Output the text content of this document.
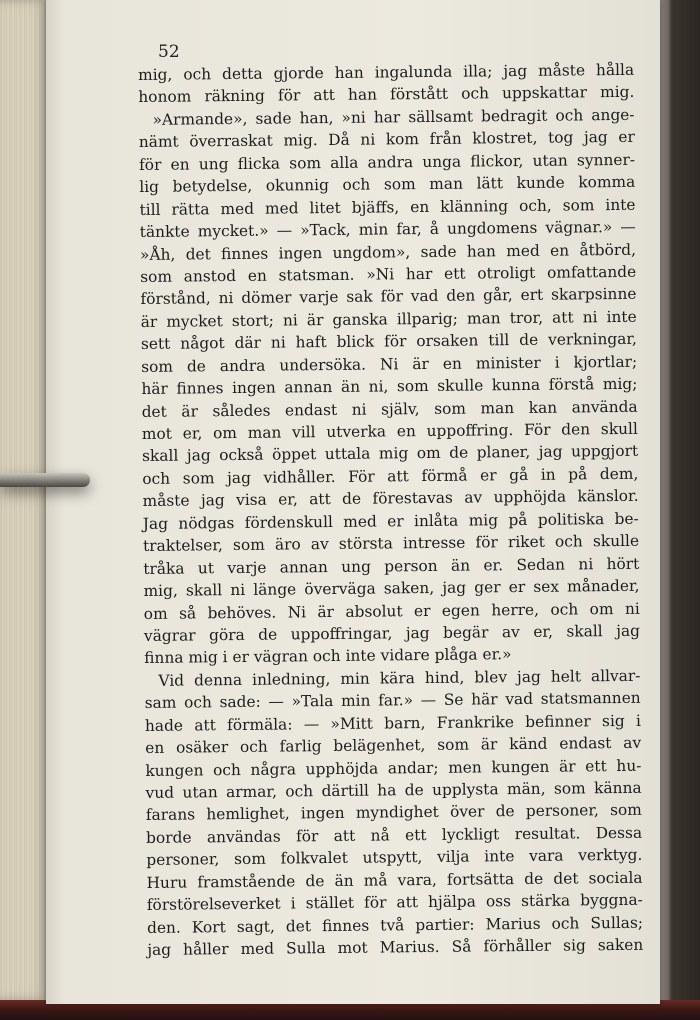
52
mig, och detta gjorde han ingalunda illa; jag måste hålla
honom räkning för att han förstått och uppskattar mig.
»Armande», sade han, »ni har sällsamt bedragit och ange-
nämt överraskat mig. Då ni kom från klostret, tog jag er
för en ung flicka som alla andra unga flickor, utan synner-
lig betydelse, okunnig och som man lätt kunde komma
till rätta med med litet bjäffs, en klänning och, som inte
tänkte mycket.» — »Tack, min far, å ungdomens vägnar.» —
»Åh, det finnes ingen ungdom», sade han med en åtbörd,
som anstod en statsman. »Ni har ett otroligt omfattande
förstånd, ni dömer varje sak för vad den går, ert skarpsinne
är mycket stort; ni är ganska illparig; man tror, att ni inte
sett något där ni haft blick för orsaken till de verkningar,
som de andra undersöka. Ni är en minister i kjortlar;
här finnes ingen annan än ni, som skulle kunna förstå mig;
det är således endast ni själv, som man kan använda
mot er, om man vill utverka en uppoffring. För den skull
skall jag också öppet uttala mig om de planer, jag uppgjort
och som jag vidhåller. För att förmå er gå in på dem,
måste jag visa er, att de förestavas av upphöjda känslor.
Jag nödgas fördenskull med er inlåta mig på politiska be-
traktelser, som äro av största intresse för riket och skulle
tråka ut varje annan ung person än er. Sedan ni hört
mig, skall ni länge överväga saken, jag ger er sex månader,
om så behöves. Ni är absolut er egen herre, och om ni
vägrar göra de uppoffringar, jag begär av er, skall jag
finna mig i er vägran och inte vidare plåga er.»
Vid denna inledning, min kära hind, blev jag helt allvar-
sam och sade: — »Tala min far.» — Se här vad statsmannen
hade att förmäla: — »Mitt barn, Frankrike befinner sig i
en osäker och farlig belägenhet, som är känd endast av
kungen och några upphöjda andar; men kungen är ett hu-
vud utan armar, och därtill ha de upplysta män, som känna
farans hemlighet, ingen myndighet över de personer, som
borde användas för att nå ett lyckligt resultat. Dessa
personer, som folkvalet utspytt, vilja inte vara verktyg.
Huru framstående de än må vara, fortsätta de det sociala
förstörelseverket i stället för att hjälpa oss stärka byggna-
den. Kort sagt, det finnes två partier: Marius och Sullas;
jag håller med Sulla mot Marius. Så förhåller sig saken
